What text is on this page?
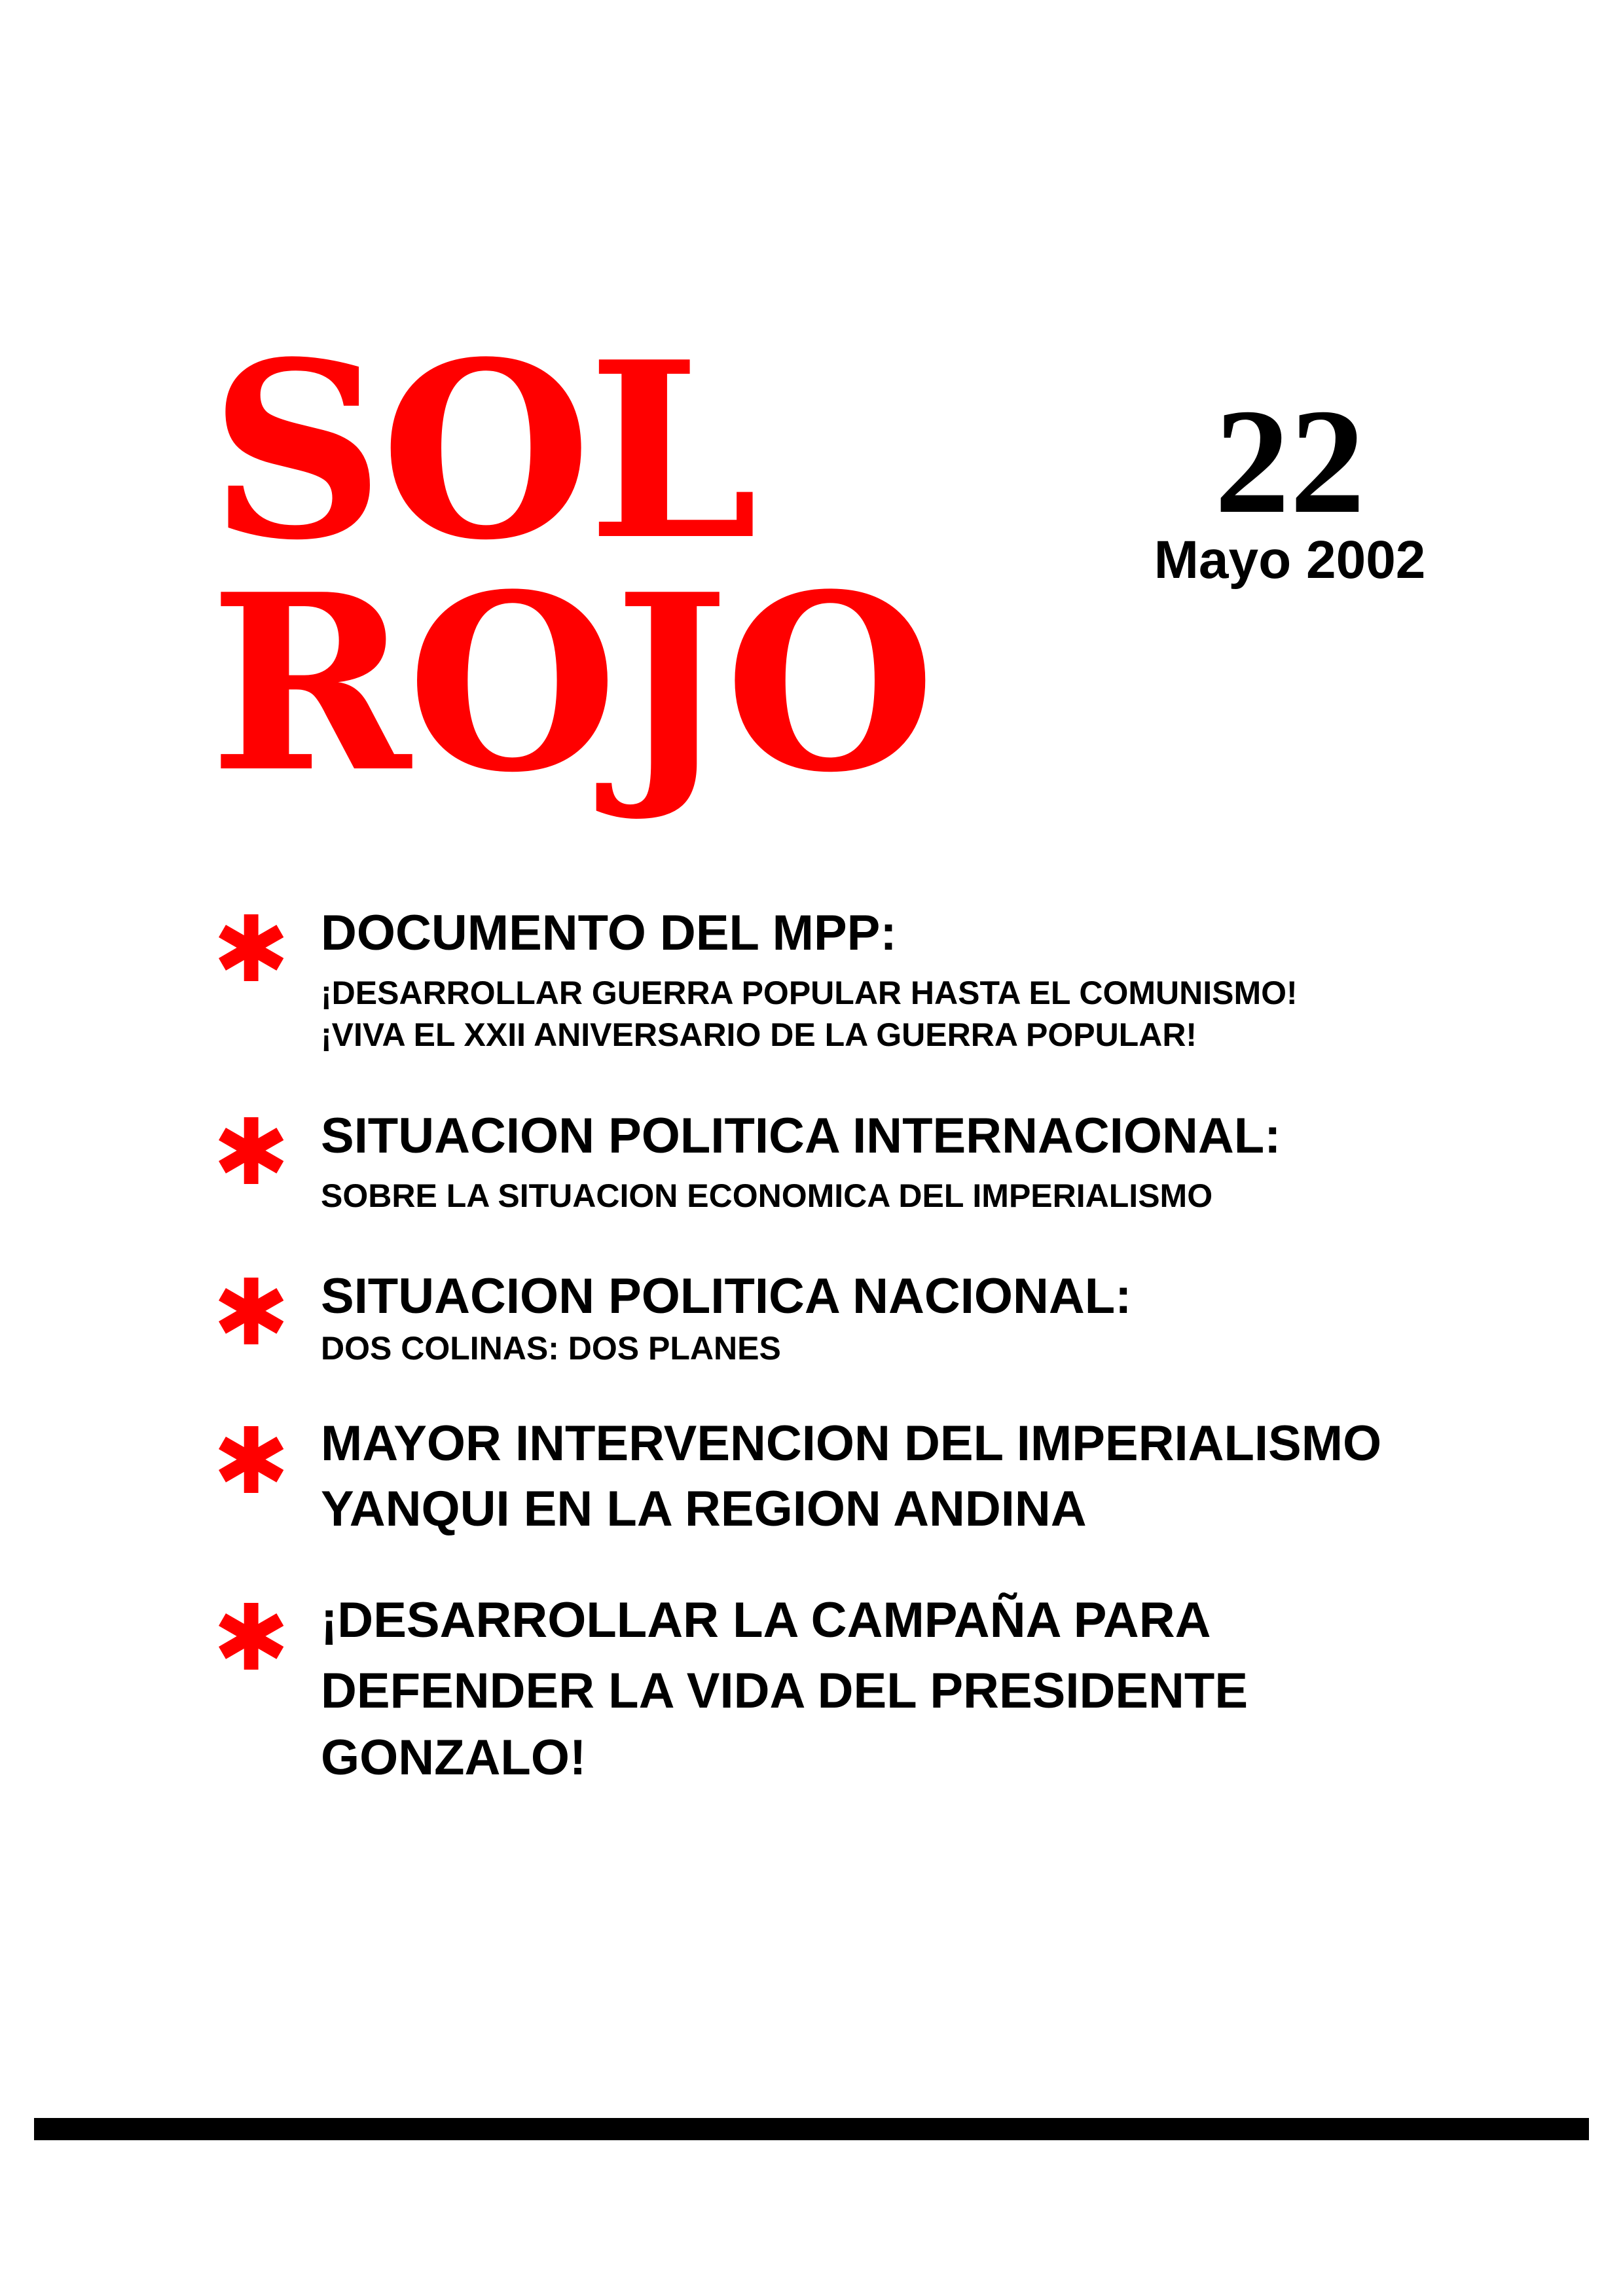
SOL
ROJO
22
Mayo 2002
✱ DOCUMENTO DEL MPP:
¡DESARROLLAR GUERRA POPULAR HASTA EL COMUNISMO!
¡VIVA EL XXII ANIVERSARIO DE LA GUERRA POPULAR!
✱ SITUACION POLITICA INTERNACIONAL:
SOBRE LA SITUACION ECONOMICA DEL IMPERIALISMO
✱ SITUACION POLITICA NACIONAL:
DOS COLINAS: DOS PLANES
✱ MAYOR INTERVENCION DEL IMPERIALISMO
YANQUI EN LA REGION ANDINA
✱ ¡DESARROLLAR LA CAMPAÑA PARA
DEFENDER LA VIDA DEL PRESIDENTE
GONZALO!
